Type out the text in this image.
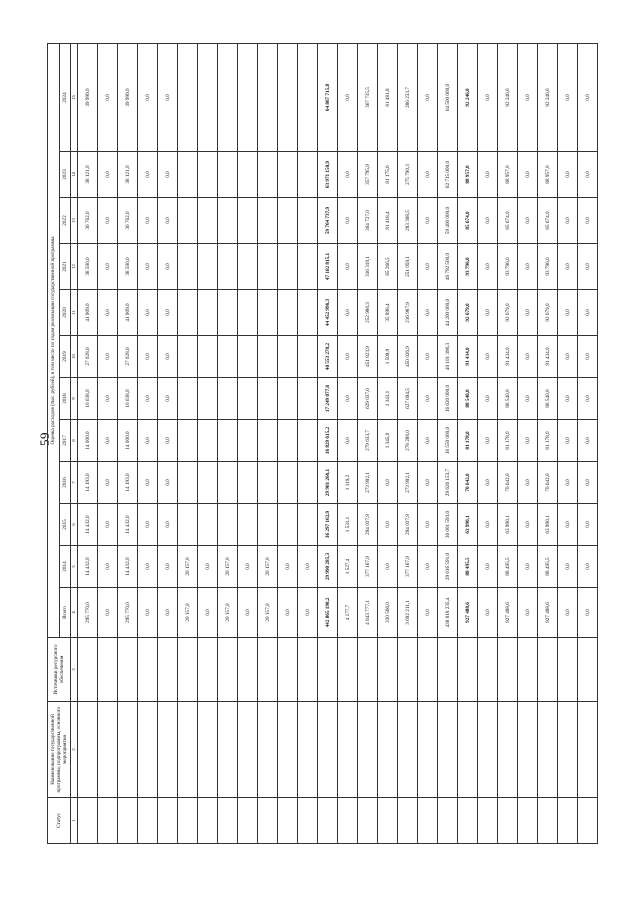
59
Статус	Наименование государственной программы, подпрограммы, основного мероприятия	Источники ресурсного обеспечения	Оценка расходов (тыс. рублей), в том числе по годам реализации государственной программы											
			Всего	2014	2015	2016	2017	2018	2019	2020	2021	2022	2023	2024
1	2	3	4	5	6	7	8	9	10	11	12	13	14	15
			295 770,0	14 432,0	14 432,0	14 193,0	14 000,0	16 638,0	27 028,0	41 909,0	38 500,0	36 762,0	38 121,0	39 999,0
			0,0	0,0	0,0	0,0	0,0	0,0	0,0	0,0	0,0	0,0	0,0	0,0
			295 770,0	14 432,0	14 432,0	14 193,0	14 000,0	16 638,0	27 028,0	41 909,0	38 500,0	36 762,0	38 121,0	39 999,0
			0,0	0,0	0,0	0,0	0,0	0,0	0,0	0,0	0,0	0,0	0,0	0,0
			0,0	0,0	0,0	0,0	0,0	0,0	0,0	0,0	0,0	0,0	0,0	0,0
			20 157,0	20 157,0										
			0,0	0,0										
			20 157,0	20 157,0										
			0,0	0,0										
			20 157,0	20 157,0										
			0,0	0,0										
			0,0	0,0										
			442 865 190,2	29 990 285,3	36 297 162,9	29 901 266,1	16 829 615,2	17 249 077,6	40 553 270,2	44 452 996,3	47 102 815,1	59 764 737,9	63 971 150,9	64 867 715,8
			4 177,7	1 527,4	1 531,1	1 119,2	0,0	0,0	0,0	0,0	0,0	0,0	0,0	0,0
			4 043 777,1	377 167,9	294 037,9	273 992,1	279 633,7	629 037,6	451 823,9	252 986,3	316 319,1	364 727,0	357 795,9	367 715,5
			330 566,0	0,0	0,0	0,0	1 345,0	1 343,1	1 509,9	35 898,4	65 266,5	81 418,4	81 175,6	81 481,8
			3 692 211,1	377 167,9	294 037,9	273 992,1	278 288,0	627 694,5	450 026,9	216 987,9	251 059,1	283 308,5	275 790,3	286 233,7
			0,0	0,0	0,0	0,0	0,0	0,0	0,0	0,0	0,0	0,0	0,0	0,0
			438 818 235,4	29 616 591,0	36 001 593,0	29 626 153,7	16 550 000,0	16 620 000,0	40 101 396,3	44 200 000,0	46 792 500,0	59 400 000,0	62 715 000,0	64 500 000,0
			927 488,6	88 495,5	63 990,1	70 642,0	81 178,0	88 540,0	91 434,0	92 679,0	93 796,0	85 674,0	88 957,0	92 246,0
			0,0	0,0	0,0	0,0	0,0	0,0	0,0	0,0	0,0	0,0	0,0	0,0
			927 488,6	88 495,5	63 990,1	70 642,0	81 178,0	88 540,0	91 434,0	92 679,0	93 796,0	85 674,0	88 957,0	92 246,0
			0,0	0,0	0,0	0,0	0,0	0,0	0,0	0,0	0,0	0,0	0,0	0,0
			927 488,6	88 495,5	63 990,1	70 642,0	81 178,0	88 540,0	91 434,0	92 679,0	93 796,0	85 674,0	88 957,0	92 246,0
			0,0	0,0	0,0	0,0	0,0	0,0	0,0	0,0	0,0	0,0	0,0	0,0
			0,0	0,0	0,0	0,0	0,0	0,0	0,0	0,0	0,0	0,0	0,0	0,0
